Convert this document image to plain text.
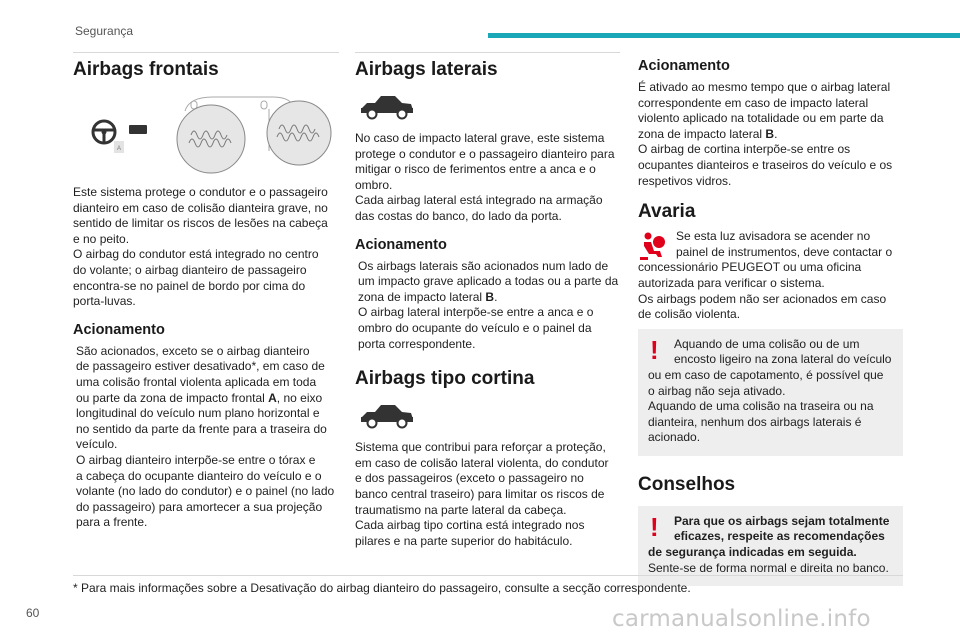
Segurança
Airbags frontais
A

Este sistema protege o condutor e o passageiro
dianteiro em caso de colisão dianteira grave, no
sentido de limitar os riscos de lesões na cabeça
e no peito.
O airbag do condutor está integrado no centro
do volante; o airbag dianteiro de passageiro
encontra-se no painel de bordo por cima do
porta-luvas.

Acionamento

São acionados, exceto se o airbag dianteiro
de passageiro estiver desativado*, em caso de
uma colisão frontal violenta aplicada em toda
ou parte da zona de impacto frontal A, no eixo
longitudinal do veículo num plano horizontal e
no sentido da parte da frente para a traseira do
veículo.
O airbag dianteiro interpõe-se entre o tórax e
a cabeça do ocupante dianteiro do veículo e o
volante (no lado do condutor) e o painel (no lado
do passageiro) para amortecer a sua projeção
para a frente.

Airbags laterais

No caso de impacto lateral grave, este sistema
protege o condutor e o passageiro dianteiro para
mitigar o risco de ferimentos entre a anca e o
ombro.
Cada airbag lateral está integrado na armação
das costas do banco, do lado da porta.

Acionamento

Os airbags laterais são acionados num lado de
um impacto grave aplicado a todas ou a parte da
zona de impacto lateral B.
O airbag lateral interpõe-se entre a anca e o
ombro do ocupante do veículo e o painel da
porta correspondente.

Airbags tipo cortina

Sistema que contribui para reforçar a proteção,
em caso de colisão lateral violenta, do condutor
e dos passageiros (exceto o passageiro no
banco central traseiro) para limitar os riscos de
traumatismo na parte lateral da cabeça.
Cada airbag tipo cortina está integrado nos
pilares e na parte superior do habitáculo.

Acionamento

É ativado ao mesmo tempo que o airbag lateral
correspondente em caso de impacto lateral
violento aplicado na totalidade ou em parte da
zona de impacto lateral B.
O airbag de cortina interpõe-se entre os
ocupantes dianteiros e traseiros do veículo e os
respetivos vidros.

Avaria

Se esta luz avisadora se acender no
painel de instrumentos, deve contactar o

concessionário PEUGEOT ou uma oficina
autorizada para verificar o sistema.
Os airbags podem não ser acionados em caso
de colisão violenta.

!	Aquando de uma colisão ou de um
encosto ligeiro na zona lateral do veículo

ou em caso de capotamento, é possível que
o airbag não seja ativado.
Aquando de uma colisão na traseira ou na
dianteira, nenhum dos airbags laterais é
acionado.

Conselhos
!	Para que os airbags sejam totalmente
eficazes, respeite as recomendações

de segurança indicadas em seguida.

Sente-se de forma normal e direita no banco.

* Para mais informações sobre a Desativação do airbag dianteiro do passageiro, consulte a secção correspondente.
60	carmanualsonline.info
